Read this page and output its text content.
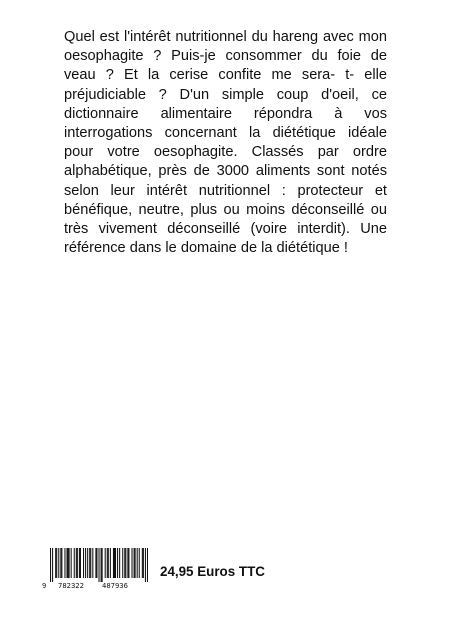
Quel est l'intérêt nutritionnel du hareng avec mon oesophagite ? Puis-je consommer du foie de veau ? Et la cerise confite me sera- t- elle préjudiciable ? D'un simple coup d'oeil, ce dictionnaire alimentaire répondra à vos interrogations concernant la diététique idéale pour votre oesophagite. Classés par ordre alphabétique, près de 3000 aliments sont notés selon leur intérêt nutritionnel : protecteur et bénéfique, neutre, plus ou moins déconseillé ou très vivement déconseillé (voire interdit). Une référence dans le domaine de la diététique !

9

782322

	487936

24,95 Euros TTC
